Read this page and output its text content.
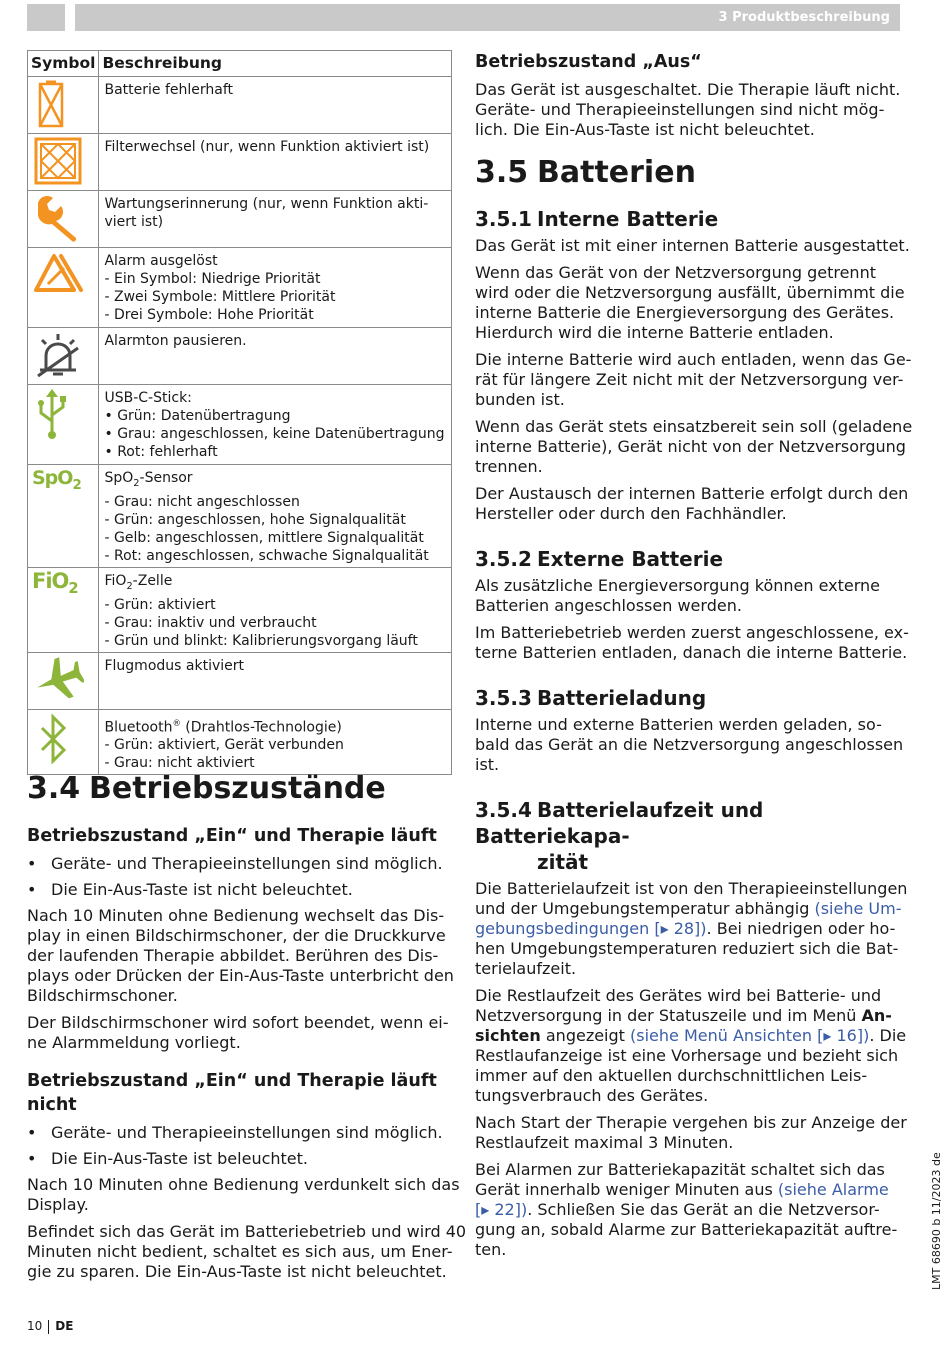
3 Produktbeschreibung
Symbol	Beschreibung

Batterie fehlerhaft

Filterwechsel (nur, wenn Funktion aktiviert ist)

Wartungserinnerung (nur, wenn Funktion akti-
viert ist)

Alarm ausgelöst
- Ein Symbol: Niedrige Priorität
- Zwei Symbole: Mittlere Priorität
- Drei Symbole: Hohe Priorität

Alarmton pausieren.

USB-C-Stick:
• Grün: Datenübertragung
• Grau: angeschlossen, keine Datenübertragung
• Rot: fehlerhaft

SpO$_2$	SpO$_2$-Sensor
- Grau: nicht angeschlossen
- Grün: angeschlossen, hohe Signalqualität
- Gelb: angeschlossen, mittlere Signalqualität
- Rot: angeschlossen, schwache Signalqualität

FiO$_2$	FiO$_2$-Zelle
- Grün: aktiviert
- Grau: inaktiv und verbraucht
- Grün und blinkt: Kalibrierungsvorgang läuft

Flugmodus aktiviert

Bluetooth® (Drahtlos-Technologie)
- Grün: aktiviert, Gerät verbunden
- Grau: nicht aktiviert
3.4 Betriebszustände
Betriebszustand „Ein“ und Therapie läuft
• Geräte- und Therapieeinstellungen sind möglich.
• Die Ein-Aus-Taste ist nicht beleuchtet.

Nach 10 Minuten ohne Bedienung wechselt das Dis-
play in einen Bildschirmschoner, der die Druckkurve
der laufenden Therapie abbildet. Berühren des Dis-
plays oder Drücken der Ein-Aus-Taste unterbricht den
Bildschirmschoner.

Der Bildschirmschoner wird sofort beendet, wenn ei-
ne Alarmmeldung vorliegt.

Betriebszustand „Ein“ und Therapie läuft nicht
• Geräte- und Therapieeinstellungen sind möglich.
• Die Ein-Aus-Taste ist beleuchtet.

Nach 10 Minuten ohne Bedienung verdunkelt sich das
Display.

Befindet sich das Gerät im Batteriebetrieb und wird 40
Minuten nicht bedient, schaltet es sich aus, um Ener-
gie zu sparen. Die Ein-Aus-Taste ist nicht beleuchtet.

Betriebszustand „Aus“

Das Gerät ist ausgeschaltet. Die Therapie läuft nicht.
Geräte- und Therapieeinstellungen sind nicht mög-
lich. Die Ein-Aus-Taste ist nicht beleuchtet.

3.5 Batterien
3.5.1 Interne Batterie

Das Gerät ist mit einer internen Batterie ausgestattet.

Wenn das Gerät von der Netzversorgung getrennt
wird oder die Netzversorgung ausfällt, übernimmt die
interne Batterie die Energieversorgung des Gerätes.
Hierdurch wird die interne Batterie entladen.

Die interne Batterie wird auch entladen, wenn das Ge-
rät für längere Zeit nicht mit der Netzversorgung ver-
bunden ist.

Wenn das Gerät stets einsatzbereit sein soll (geladene
interne Batterie), Gerät nicht von der Netzversorgung
trennen.

Der Austausch der internen Batterie erfolgt durch den
Hersteller oder durch den Fachhändler.

3.5.2 Externe Batterie

Als zusätzliche Energieversorgung können externe
Batterien angeschlossen werden.

Im Batteriebetrieb werden zuerst angeschlossene, ex-
terne Batterien entladen, danach die interne Batterie.

3.5.3 Batterieladung

Interne und externe Batterien werden geladen, so-
bald das Gerät an die Netzversorgung angeschlossen
ist.

3.5.4 Batterielaufzeit und Batteriekapa-
zität

Die Batterielaufzeit ist von den Therapieeinstellungen
und der Umgebungstemperatur abhängig (siehe Um-
gebungsbedingungen [▸ 28]). Bei niedrigen oder ho-
hen Umgebungstemperaturen reduziert sich die Bat-
terielaufzeit.

Die Restlaufzeit des Gerätes wird bei Batterie- und
Netzversorgung in der Statuszeile und im Menü An-
sichten angezeigt (siehe Menü Ansichten [▸ 16]). Die
Restlaufanzeige ist eine Vorhersage und bezieht sich
immer auf den aktuellen durchschnittlichen Leis-
tungsverbrauch des Gerätes.

Nach Start der Therapie vergehen bis zur Anzeige der
Restlaufzeit maximal 3 Minuten.

Bei Alarmen zur Batteriekapazität schaltet sich das
Gerät innerhalb weniger Minuten aus (siehe Alarme
[▸ 22]). Schließen Sie das Gerät an die Netzversor-
gung an, sobald Alarme zur Batteriekapazität auftre-
ten.	LMT 68690 b 11/2023 de
10 DE
